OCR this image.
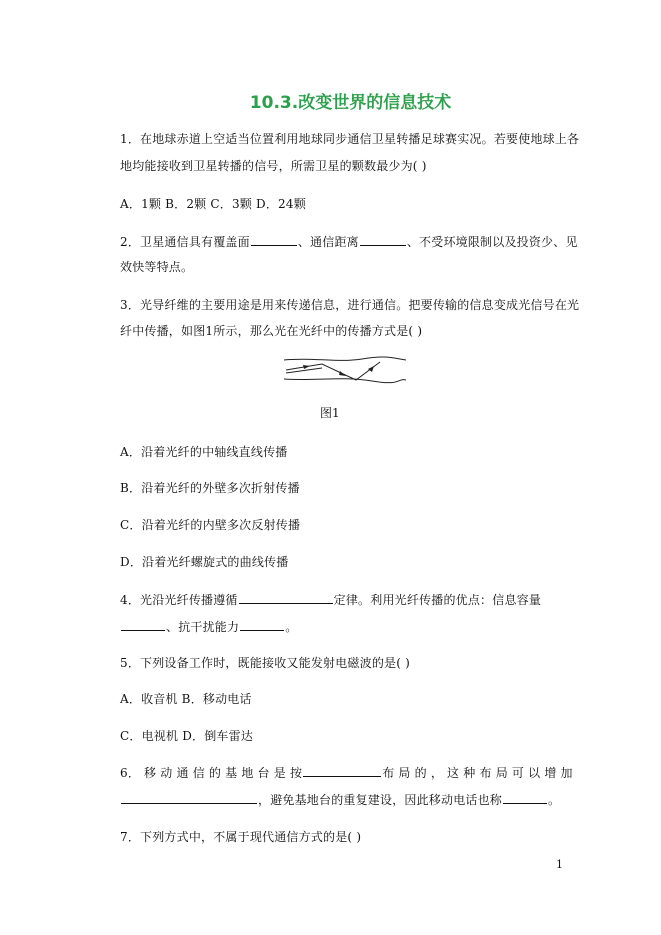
10.3.改变世界的信息技术
1．在地球赤道上空适当位置利用地球同步通信卫星转播足球赛实况。若要使地球上各
地均能接收到卫星转播的信号，所需卫星的颗数最少为( )
A．1颗 B．2颗 C．3颗 D．24颗
2．卫星通信具有覆盖面	、通信距离	、不受环境限制以及投资少、见
效快等特点。
3．光导纤维的主要用途是用来传递信息，进行通信。把要传输的信息变成光信号在光
纤中传播，如图1所示，那么光在光纤中的传播方式是( )
图1
A．沿着光纤的中轴线直线传播
B．沿着光纤的外壁多次折射传播
C．沿着光纤的内壁多次反射传播
D．沿着光纤螺旋式的曲线传播
4．光沿光纤传播遵循	定律。利用光纤传播的优点：信息容量
、抗干扰能力	。
5．下列设备工作时，既能接收又能发射电磁波的是( )
A．收音机 B．移动电话
C．电视机 D．倒车雷达
6． 移 动 通 信 的 基 地 台 是 按	布 局 的 ， 这 种 布 局 可 以 增 加
，避免基地台的重复建设，因此移动电话也称	。
7．下列方式中，不属于现代通信方式的是( )
1
